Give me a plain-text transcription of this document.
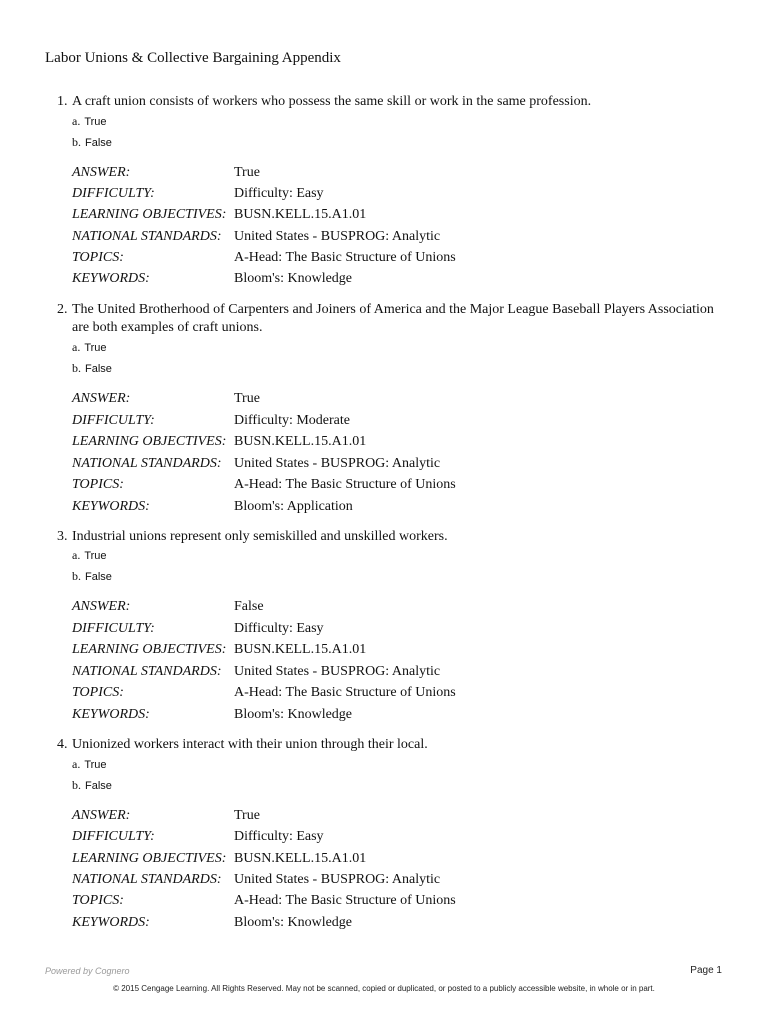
Labor Unions & Collective Bargaining Appendix
1. A craft union consists of workers who possess the same skill or work in the same profession.
a. True
b. False
ANSWER:	True
DIFFICULTY:	Difficulty: Easy
LEARNING OBJECTIVES: BUSN.KELL.15.A1.01
NATIONAL STANDARDS: United States - BUSPROG: Analytic
TOPICS:	A-Head: The Basic Structure of Unions
KEYWORDS:	Bloom's: Knowledge
2. The United Brotherhood of Carpenters and Joiners of America and the Major League Baseball Players Association are both examples of craft unions.
a. True
b. False
ANSWER:	True
DIFFICULTY:	Difficulty: Moderate
LEARNING OBJECTIVES: BUSN.KELL.15.A1.01
NATIONAL STANDARDS: United States - BUSPROG: Analytic
TOPICS:	A-Head: The Basic Structure of Unions
KEYWORDS:	Bloom's: Application
3. Industrial unions represent only semiskilled and unskilled workers.
a. True
b. False
ANSWER:	False
DIFFICULTY:	Difficulty: Easy
LEARNING OBJECTIVES: BUSN.KELL.15.A1.01
NATIONAL STANDARDS: United States - BUSPROG: Analytic
TOPICS:	A-Head: The Basic Structure of Unions
KEYWORDS:	Bloom's: Knowledge
4. Unionized workers interact with their union through their local.
a. True
b. False
ANSWER:	True
DIFFICULTY:	Difficulty: Easy
LEARNING OBJECTIVES: BUSN.KELL.15.A1.01
NATIONAL STANDARDS: United States - BUSPROG: Analytic
TOPICS:	A-Head: The Basic Structure of Unions
KEYWORDS:	Bloom's: Knowledge
Powered by Cognero	Page 1
© 2015 Cengage Learning. All Rights Reserved. May not be scanned, copied or duplicated, or posted to a publicly accessible website, in whole or in part.
